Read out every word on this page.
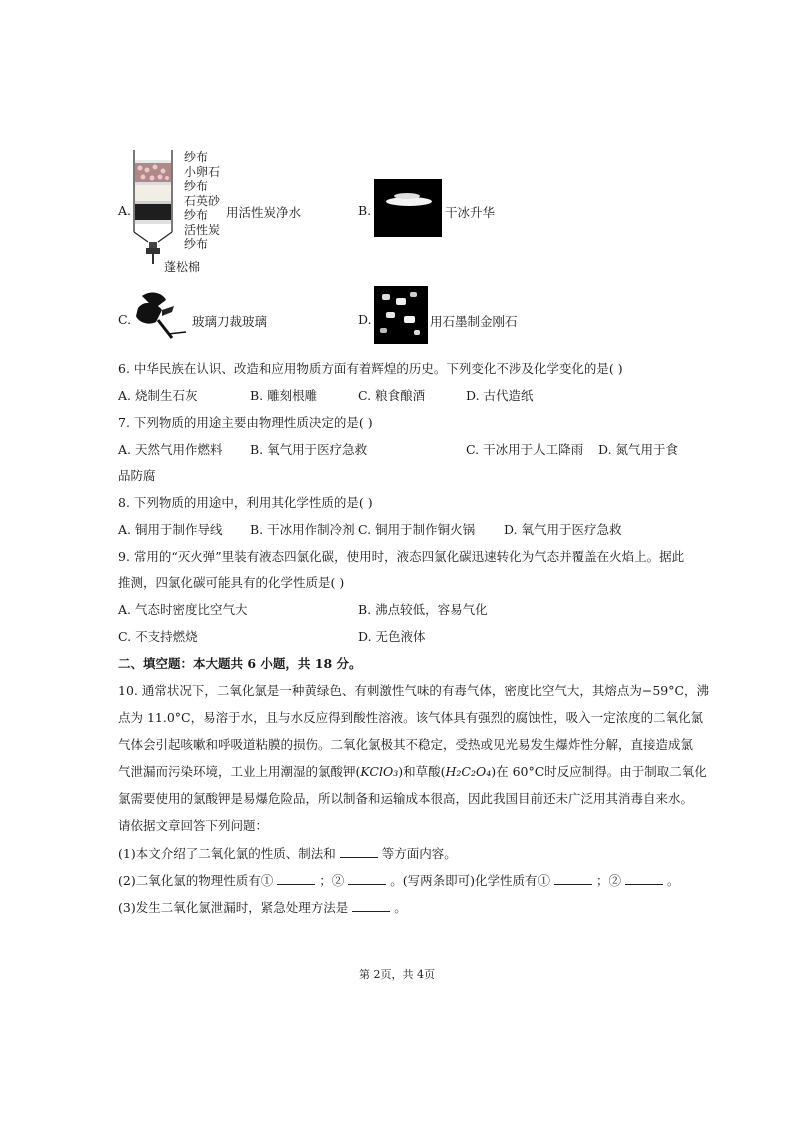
A.
纱布
小卵石
纱布
石英砂
纱布
活性炭
纱布
蓬松棉
用活性炭净水	B.	干冰升华
C.	玻璃刀裁玻璃	D.	用石墨制金刚石
6. 中华民族在认识、改造和应用物质方面有着辉煌的历史。下列变化不涉及化学变化的是( )
A. 烧制生石灰	B. 雕刻根雕	C. 粮食酿酒	D. 古代造纸
7. 下列物质的用途主要由物理性质决定的是( )
A. 天然气用作燃料 B. 氧气用于医疗急救	C. 干冰用于人工降雨 D. 氮气用于食
品防腐
8. 下列物质的用途中，利用其化学性质的是( )
A. 铜用于制作导线 B. 干冰用作制冷剂 C. 铜用于制作铜火锅 D. 氧气用于医疗急救
9. 常用的“灭火弹”里装有液态四氯化碳，使用时，液态四氯化碳迅速转化为气态并覆盖在火焰上。据此
推测，四氯化碳可能具有的化学性质是( )
A. 气态时密度比空气大	B. 沸点较低，容易气化
C. 不支持燃烧	D. 无色液体
二、填空题：本大题共 6 小题，共 18 分。
10. 通常状况下，二氧化氯是一种黄绿色、有刺激性气味的有毒气体，密度比空气大，其熔点为−59°C，沸
点为 11.0°C，易溶于水，且与水反应得到酸性溶液。该气体具有强烈的腐蚀性，吸入一定浓度的二氧化氯
气体会引起咳嗽和呼吸道粘膜的损伤。二氧化氯极其不稳定，受热或见光易发生爆炸性分解，直接造成氯
气泄漏而污染环境，工业上用潮湿的氯酸钾(KClO₃)和草酸(H₂C₂O₄)在 60°C时反应制得。由于制取二氧化
氯需要使用的氯酸钾是易爆危险品，所以制备和运输成本很高，因此我国目前还未广泛用其消毒自来水。
请依据文章回答下列问题：
(1)本文介绍了二氧化氯的性质、制法和	等方面内容。
(2)二氧化氯的物理性质有①	；②	。(写两条即可)化学性质有①	；②	。
(3)发生二氧化氯泄漏时，紧急处理方法是	。
第 2页，共 4页
